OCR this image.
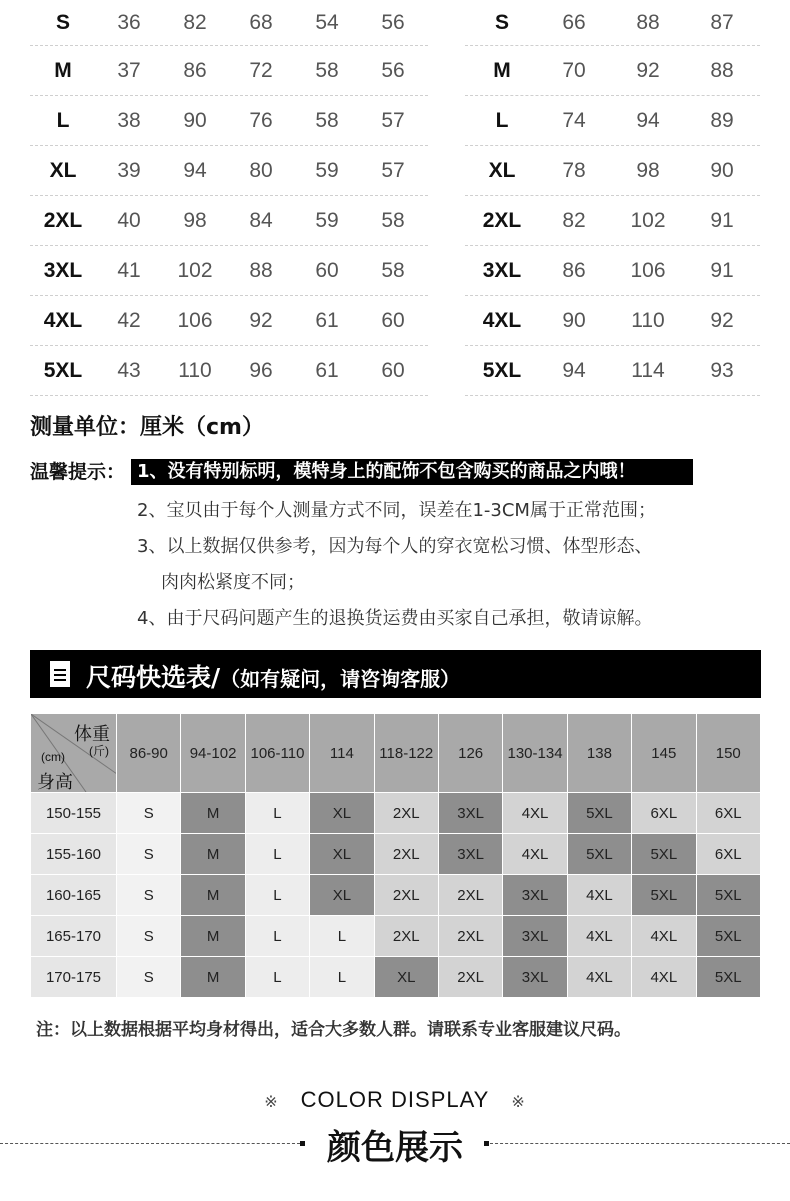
S	36	82	68	54	56
M	37	86	72	58	56
L	38	90	76	58	57
XL	39	94	80	59	57
2XL	40	98	84	59	58
3XL	41	102	88	60	58
4XL	42	106	92	61	60
5XL	43	110	96	61	60
S	66	88	87
M	70	92	88
L	74	94	89
XL	78	98	90
2XL	82	102	91
3XL	86	106	91
4XL	90	110	92
5XL	94	114	93
测量单位：厘米（cm）
温馨提示： 1、没有特别标明，模特身上的配饰不包含购买的商品之内哦！
2、宝贝由于每个人测量方式不同，误差在1-3CM属于正常范围；
3、以上数据仅供参考，因为每个人的穿衣宽松习惯、体型形态、
肉肉松紧度不同；
4、由于尺码问题产生的退换货运费由买家自己承担，敬请谅解。
尺码快选表/（如有疑问，请咨询客服）
体重
(斤)
(cm)
身高	86-90	94-102	106-110	114	118-122	126	130-134	138	145	150
150-155	S	M	L	XL	2XL	3XL	4XL	5XL	6XL	6XL
155-160	S	M	L	XL	2XL	3XL	4XL	5XL	5XL	6XL
160-165	S	M	L	XL	2XL	2XL	3XL	4XL	5XL	5XL
165-170	S	M	L	L	2XL	2XL	3XL	4XL	4XL	5XL
170-175	S	M	L	L	XL	2XL	3XL	4XL	4XL	5XL
注：以上数据根据平均身材得出，适合大多数人群。请联系专业客服建议尺码。
※ COLOR DISPLAY ※
颜色展示
